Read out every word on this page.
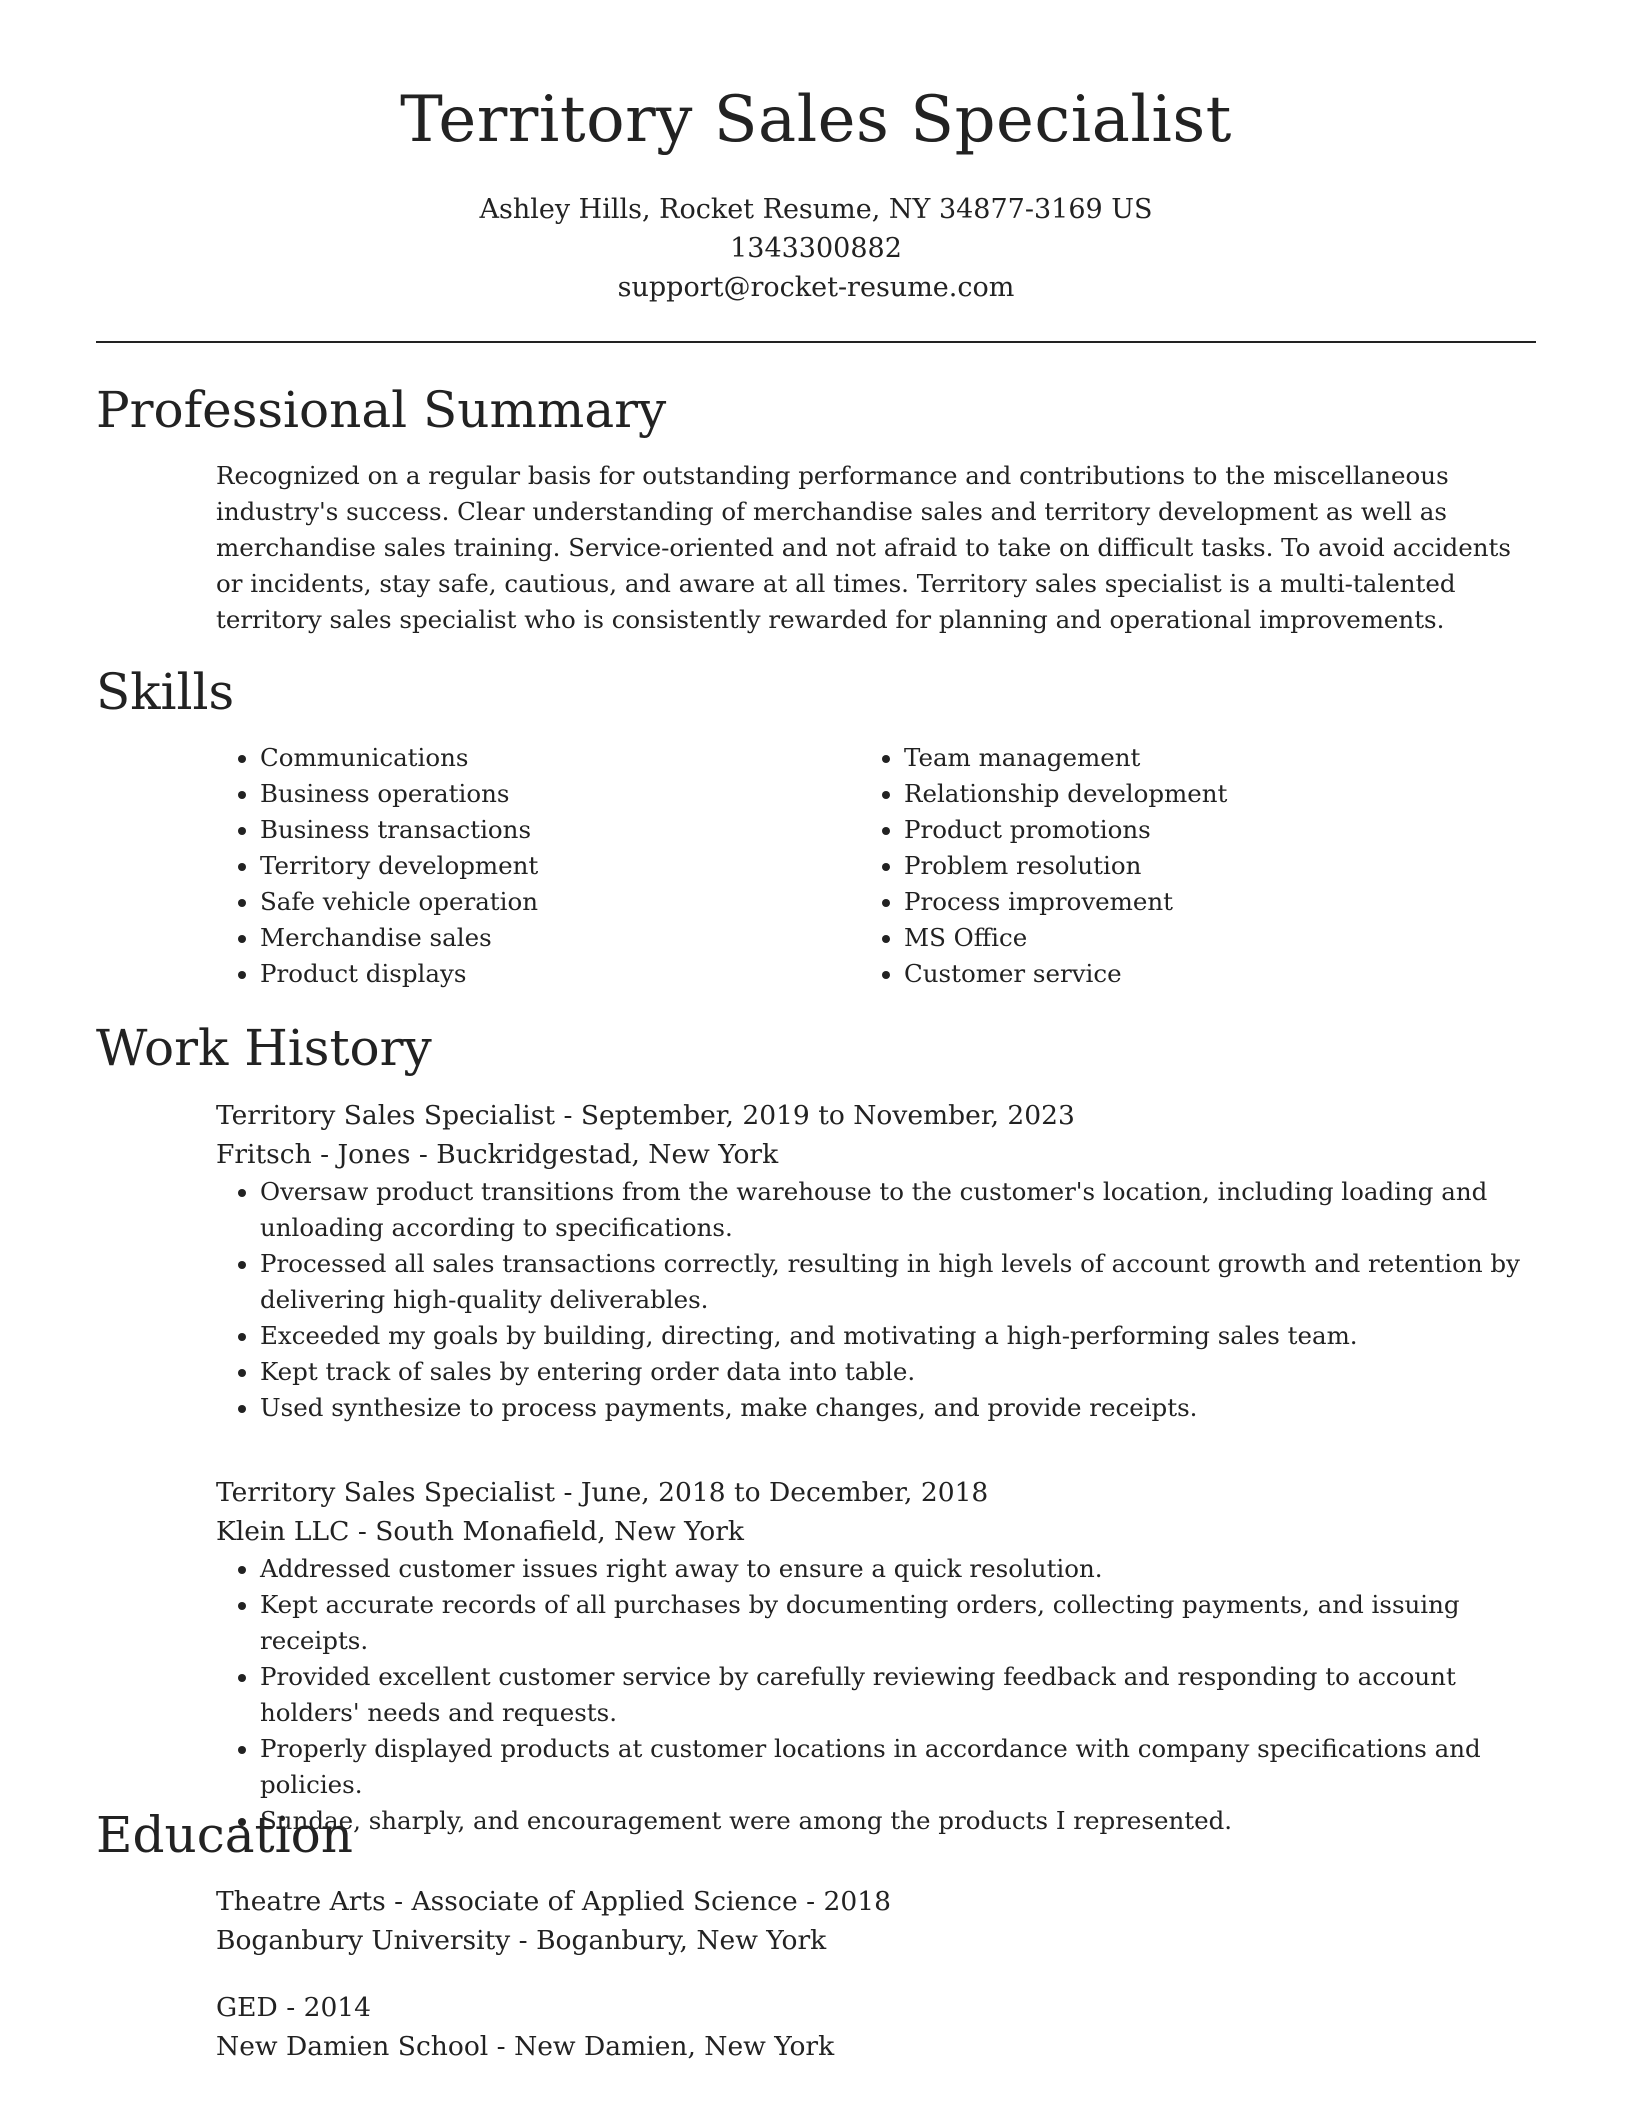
Territory Sales Specialist

Ashley Hills, Rocket Resume, NY 34877-3169 US

1343300882

support@rocket-resume.com

Professional Summary

Recognized on a regular basis for outstanding performance and contributions to the miscellaneous industry's success. Clear understanding of merchandise sales and territory development as well as merchandise sales training. Service-oriented and not afraid to take on difficult tasks. To avoid accidents or incidents, stay safe, cautious, and aware at all times. Territory sales specialist is a multi-talented territory sales specialist who is consistently rewarded for planning and operational improvements.

Skills
• Communications
• Business operations
• Business transactions
• Territory development
• Safe vehicle operation
• Merchandise sales
• Product displays
• Team management
• Relationship development
• Product promotions
• Problem resolution
• Process improvement
• MS Office
• Customer service
Work History

Territory Sales Specialist - September, 2019 to November, 2023

Fritsch - Jones - Buckridgestad, New York

• Oversaw product transitions from the warehouse to the customer's location, including loading and unloading according to specifications.
• Processed all sales transactions correctly, resulting in high levels of account growth and retention by delivering high-quality deliverables.
• Exceeded my goals by building, directing, and motivating a high-performing sales team.
• Kept track of sales by entering order data into table.
• Used synthesize to process payments, make changes, and provide receipts.

Territory Sales Specialist - June, 2018 to December, 2018

Klein LLC - South Monafield, New York

• Addressed customer issues right away to ensure a quick resolution.
• Kept accurate records of all purchases by documenting orders, collecting payments, and issuing receipts.
• Provided excellent customer service by carefully reviewing feedback and responding to account holders' needs and requests.
• Properly displayed products at customer locations in accordance with company specifications and policies.
• Sundae, sharply, and encouragement were among the products I represented.
Education

Theatre Arts - Associate of Applied Science - 2018

Boganbury University - Boganbury, New York

GED - 2014

New Damien School - New Damien, New York
